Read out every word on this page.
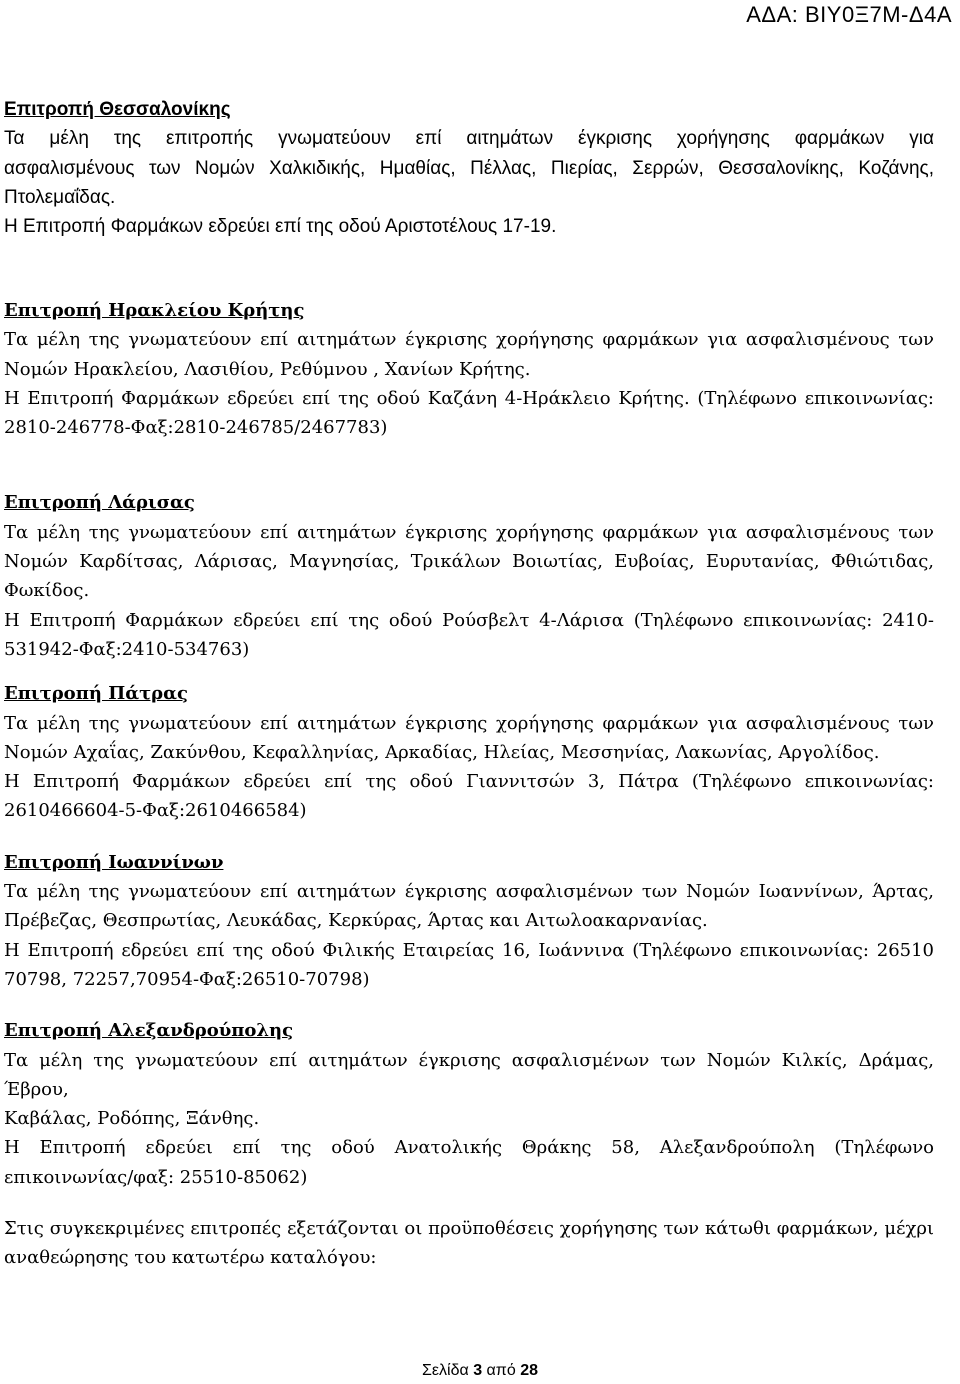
ΑΔΑ: ΒΙΥ0Ξ7Μ-Δ4Α
Επιτροπή Θεσσαλονίκης

Τα μέλη της επιτροπής γνωματεύουν επί αιτημάτων έγκρισης χορήγησης φαρμάκων για

ασφαλισμένους των Νομών Χαλκιδικής, Ημαθίας, Πέλλας, Πιερίας, Σερρών, Θεσσαλονίκης, Κοζάνης,

Πτολεμαΐδας.

Η Επιτροπή Φαρμάκων εδρεύει επί της οδού Αριστοτέλους 17-19.

Επιτροπή Ηρακλείου Κρήτης

Τα μέλη της γνωματεύουν επί αιτημάτων έγκρισης χορήγησης φαρμάκων για ασφαλισμένους των

Νομών Ηρακλείου, Λασιθίου, Ρεθύμνου , Χανίων Κρήτης.

Η Επιτροπή Φαρμάκων εδρεύει επί της οδού Καζάνη 4-Ηράκλειο Κρήτης. (Τηλέφωνο επικοινωνίας:

2810-246778-Φαξ:2810-246785/2467783)

Επιτροπή Λάρισας

Τα μέλη της γνωματεύουν επί αιτημάτων έγκρισης χορήγησης φαρμάκων για ασφαλισμένους των

Νομών Καρδίτσας, Λάρισας, Μαγνησίας, Τρικάλων Βοιωτίας, Ευβοίας, Ευρυτανίας, Φθιώτιδας,

Φωκίδος.

Η Επιτροπή Φαρμάκων εδρεύει επί της οδού Ρούσβελτ 4-Λάρισα (Τηλέφωνο επικοινωνίας: 2410-

531942-Φαξ:2410-534763)

Επιτροπή Πάτρας

Τα μέλη της γνωματεύουν επί αιτημάτων έγκρισης χορήγησης φαρμάκων για ασφαλισμένους των

Νομών Αχαΐας, Ζακύνθου, Κεφαλληνίας, Αρκαδίας, Ηλείας, Μεσσηνίας, Λακωνίας, Αργολίδος.

Η Επιτροπή Φαρμάκων εδρεύει επί της οδού Γιαννιτσών 3, Πάτρα (Τηλέφωνο επικοινωνίας:

2610466604-5-Φαξ:2610466584)

Επιτροπή Ιωαννίνων

Τα μέλη της γνωματεύουν επί αιτημάτων έγκρισης ασφαλισμένων των Νομών Ιωαννίνων, Άρτας,

Πρέβεζας, Θεσπρωτίας, Λευκάδας, Κερκύρας, Άρτας και Αιτωλοακαρνανίας.

Η Επιτροπή εδρεύει επί της οδού Φιλικής Εταιρείας 16, Ιωάννινα (Τηλέφωνο επικοινωνίας: 26510

70798, 72257,70954-Φαξ:26510-70798)

Επιτροπή Αλεξανδρούπολης

Τα μέλη της γνωματεύουν επί αιτημάτων έγκρισης ασφαλισμένων των Νομών Κιλκίς, Δράμας, Έβρου,

Καβάλας, Ροδόπης, Ξάνθης.

Η Επιτροπή εδρεύει επί της οδού Ανατολικής Θράκης 58, Αλεξανδρούπολη (Τηλέφωνο

επικοινωνίας/φαξ: 25510-85062)

Στις συγκεκριμένες επιτροπές εξετάζονται οι προϋποθέσεις χορήγησης των κάτωθι φαρμάκων, μέχρι

αναθεώρησης του κατωτέρω καταλόγου:

Σελίδα 3 από 28
